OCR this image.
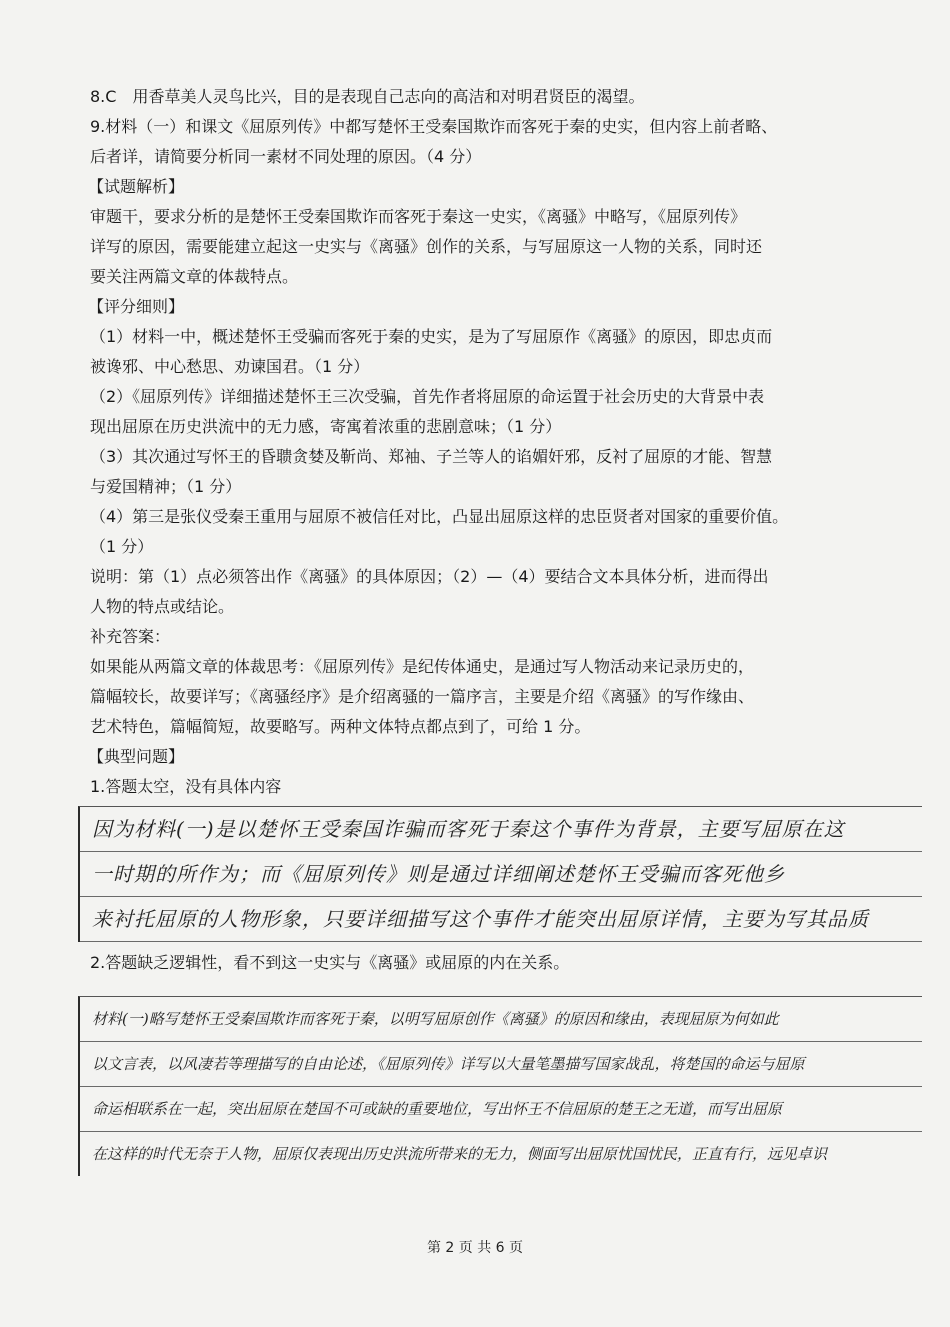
8.C　用香草美人灵鸟比兴，目的是表现自己志向的高洁和对明君贤臣的渴望。
9.材料（一）和课文《屈原列传》中都写楚怀王受秦国欺诈而客死于秦的史实，但内容上前者略、
后者详，请简要分析同一素材不同处理的原因。（4 分）
【试题解析】
审题干，要求分析的是楚怀王受秦国欺诈而客死于秦这一史实，《离骚》中略写，《屈原列传》
详写的原因，需要能建立起这一史实与《离骚》创作的关系，与写屈原这一人物的关系，同时还
要关注两篇文章的体裁特点。
【评分细则】
（1）材料一中，概述楚怀王受骗而客死于秦的史实，是为了写屈原作《离骚》的原因，即忠贞而
被谗邪、中心愁思、劝谏国君。（1 分）
（2）《屈原列传》详细描述楚怀王三次受骗，首先作者将屈原的命运置于社会历史的大背景中表
现出屈原在历史洪流中的无力感，寄寓着浓重的悲剧意味；（1 分）
（3）其次通过写怀王的昏聩贪婪及靳尚、郑袖、子兰等人的谄媚奸邪，反衬了屈原的才能、智慧
与爱国精神；（1 分）
（4）第三是张仪受秦王重用与屈原不被信任对比，凸显出屈原这样的忠臣贤者对国家的重要价值。
（1 分）
说明：第（1）点必须答出作《离骚》的具体原因；（2）—（4）要结合文本具体分析，进而得出
人物的特点或结论。
补充答案：
如果能从两篇文章的体裁思考：《屈原列传》是纪传体通史，是通过写人物活动来记录历史的，
篇幅较长，故要详写；《离骚经序》是介绍离骚的一篇序言，主要是介绍《离骚》的写作缘由、
艺术特色，篇幅简短，故要略写。两种文体特点都点到了，可给 1 分。
【典型问题】
1.答题太空，没有具体内容
因为材料(一)是以楚怀王受秦国诈骗而客死于秦这个事件为背景，主要写屈原在这
一时期的所作为；而《屈原列传》则是通过详细阐述楚怀王受骗而客死他乡
来衬托屈原的人物形象，只要详细描写这个事件才能突出屈原详情，主要为写其品质
2.答题缺乏逻辑性，看不到这一史实与《离骚》或屈原的内在关系。
材料(一)略写楚怀王受秦国欺诈而客死于秦，以明写屈原创作《离骚》的原因和缘由，表现屈原为何如此
以文言表，以风凄若等理描写的自由论述，《屈原列传》详写以大量笔墨描写国家战乱，将楚国的命运与屈原
命运相联系在一起，突出屈原在楚国不可或缺的重要地位，写出怀王不信屈原的楚王之无道，而写出屈原
在这样的时代无奈于人物，屈原仅表现出历史洪流所带来的无力，侧面写出屈原忧国忧民，正直有行，远见卓识
第 2 页 共 6 页
